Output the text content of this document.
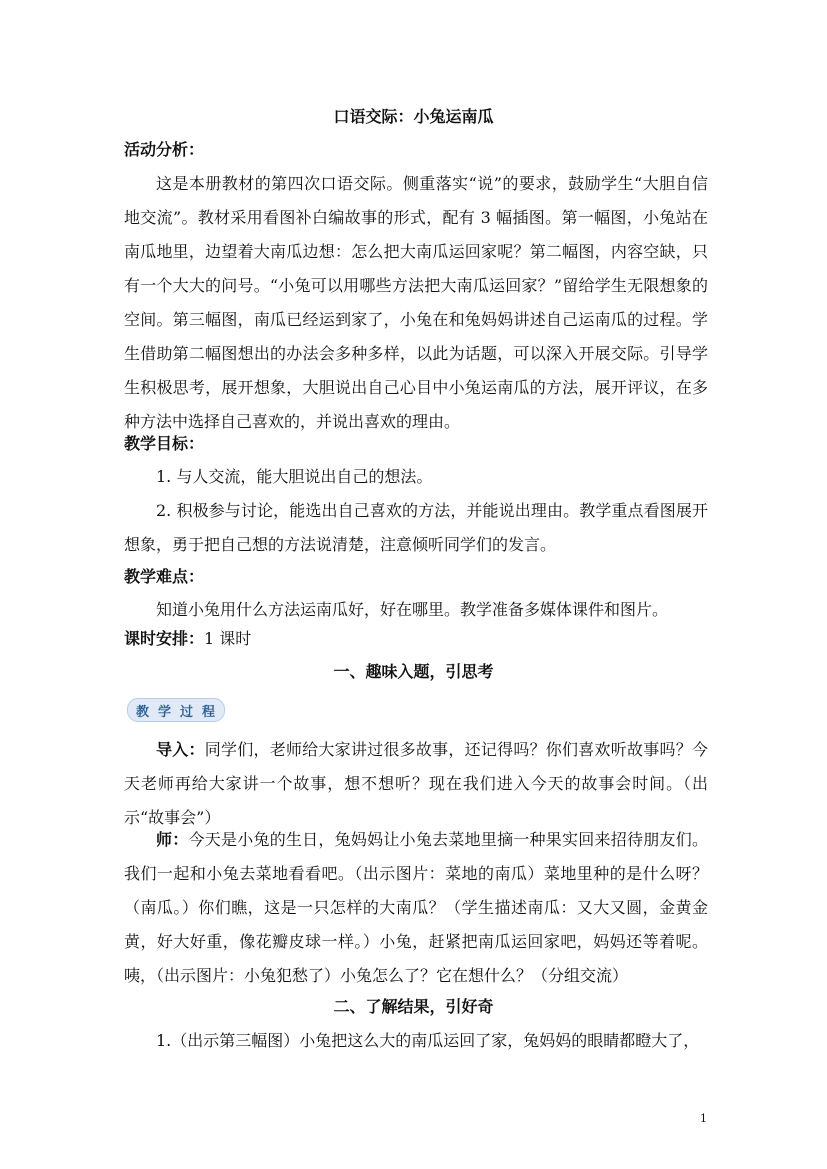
口语交际：小兔运南瓜
活动分析：

这是本册教材的第四次口语交际。侧重落实“说”的要求，鼓励学生“大胆自信地交流”。教材采用看图补白编故事的形式，配有 3 幅插图。第一幅图，小兔站在南瓜地里，边望着大南瓜边想：怎么把大南瓜运回家呢？第二幅图，内容空缺，只有一个大大的问号。“小兔可以用哪些方法把大南瓜运回家？”留给学生无限想象的空间。第三幅图，南瓜已经运到家了，小兔在和兔妈妈讲述自己运南瓜的过程。学生借助第二幅图想出的办法会多种多样，以此为话题，可以深入开展交际。引导学生积极思考，展开想象，大胆说出自己心目中小兔运南瓜的方法，展开评议，在多种方法中选择自己喜欢的，并说出喜欢的理由。

教学目标：

1. 与人交流，能大胆说出自己的想法。

2. 积极参与讨论，能选出自己喜欢的方法，并能说出理由。教学重点看图展开想象，勇于把自己想的方法说清楚，注意倾听同学们的发言。

教学难点：

知道小兔用什么方法运南瓜好，好在哪里。教学准备多媒体课件和图片。

课时安排：1 课时
一、趣味入题，引思考
教 学 过 程

导入：同学们，老师给大家讲过很多故事，还记得吗？你们喜欢听故事吗？今天老师再给大家讲一个故事，想不想听？现在我们进入今天的故事会时间。（出示“故事会”）

师：今天是小兔的生日，兔妈妈让小兔去菜地里摘一种果实回来招待朋友们。我们一起和小兔去菜地看看吧。（出示图片：菜地的南瓜）菜地里种的是什么呀？（南瓜。）你们瞧，这是一只怎样的大南瓜？（学生描述南瓜：又大又圆，金黄金黄，好大好重，像花瓣皮球一样。）小兔，赶紧把南瓜运回家吧，妈妈还等着呢。咦，（出示图片：小兔犯愁了）小兔怎么了？它在想什么？（分组交流）

二、了解结果，引好奇

1.（出示第三幅图）小兔把这么大的南瓜运回了家，兔妈妈的眼睛都瞪大了，

1
